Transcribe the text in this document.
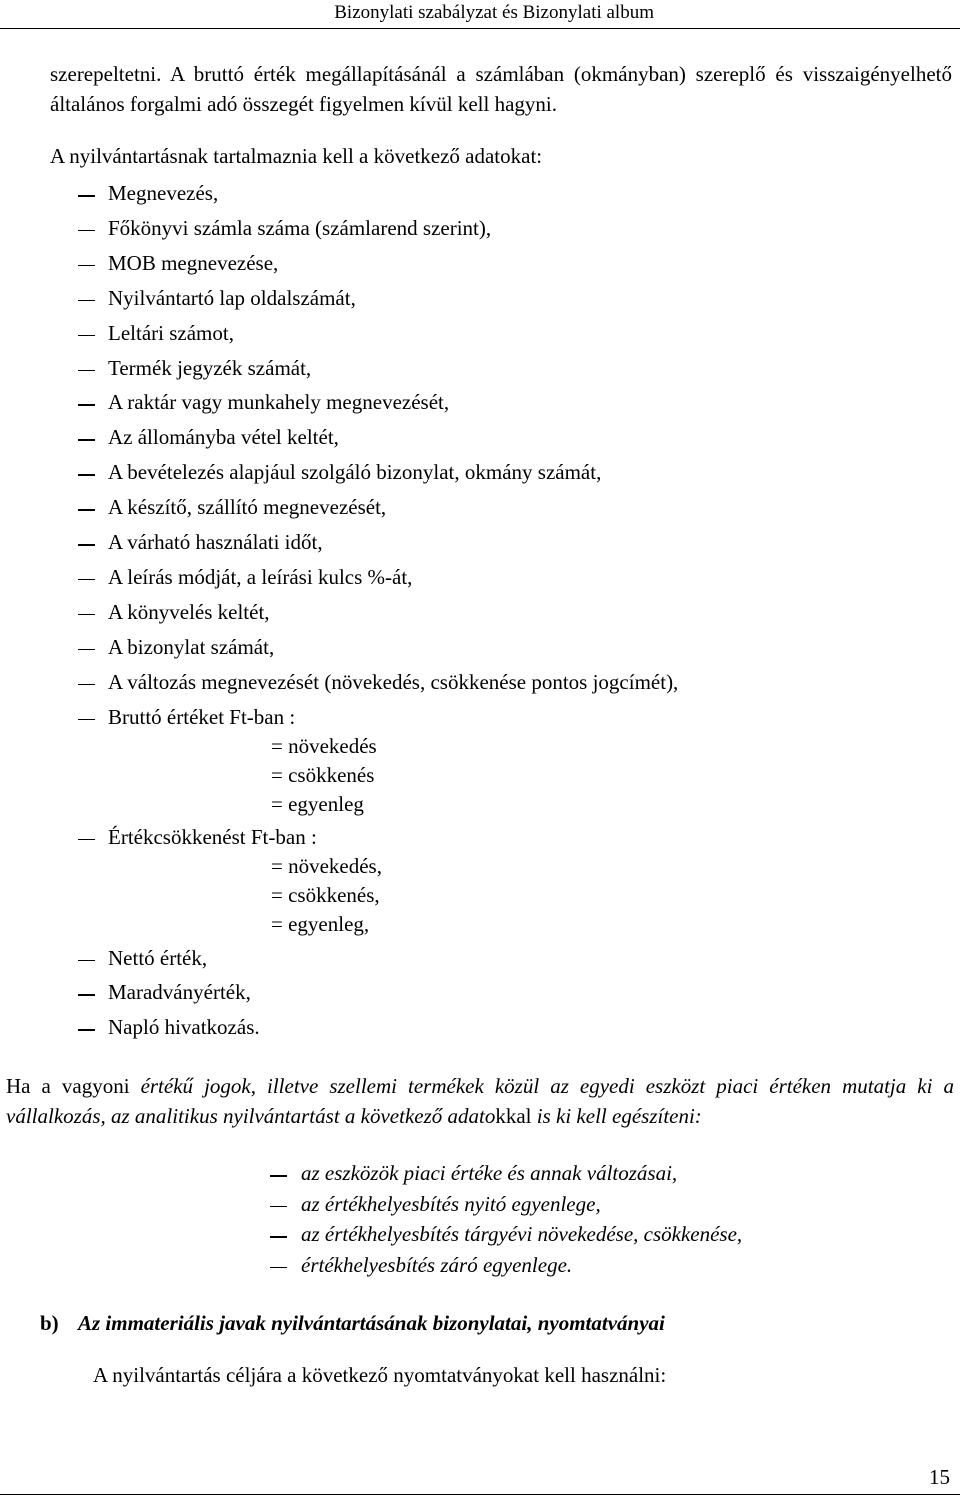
Bizonylati szabályzat és Bizonylati album
szerepeltetni. A bruttó érték megállapításánál a számlában (okmányban) szereplő és visszaigényelhető általános forgalmi adó összegét figyelmen kívül kell hagyni.
A nyilvántartásnak tartalmaznia kell a következő adatokat:
Megnevezés,
Főkönyvi számla száma (számlarend szerint),
MOB megnevezése,
Nyilvántartó lap oldalszámát,
Leltári számot,
Termék jegyzék számát,
A raktár vagy munkahely megnevezését,
Az állományba vétel keltét,
A bevételezés alapjául szolgáló bizonylat, okmány számát,
A készítő, szállító megnevezését,
A várható használati időt,
A leírás módját, a leírási kulcs %-át,
A könyvelés keltét,
A bizonylat számát,
A változás megnevezését (növekedés, csökkenése pontos jogcímét),
Bruttó értéket Ft-ban :
= növekedés
= csökkenés
= egyenleg
Értékcsökkenést Ft-ban :
= növekedés,
= csökkenés,
= egyenleg,
Nettó érték,
Maradványérték,
Napló hivatkozás.
Ha a vagyoni értékű jogok, illetve szellemi termékek közül az egyedi eszközt piaci értéken mutatja ki a vállalkozás, az analitikus nyilvántartást a következő adatokkal is ki kell egészíteni:
az eszközök piaci értéke és annak változásai,
az értékhelyesbítés nyitó egyenlege,
az értékhelyesbítés tárgyévi növekedése, csökkenése,
értékhelyesbítés záró egyenlege.
b) Az immateriális javak nyilvántartásának bizonylatai, nyomtatványai
A nyilvántartás céljára a következő nyomtatványokat kell használni:
15
